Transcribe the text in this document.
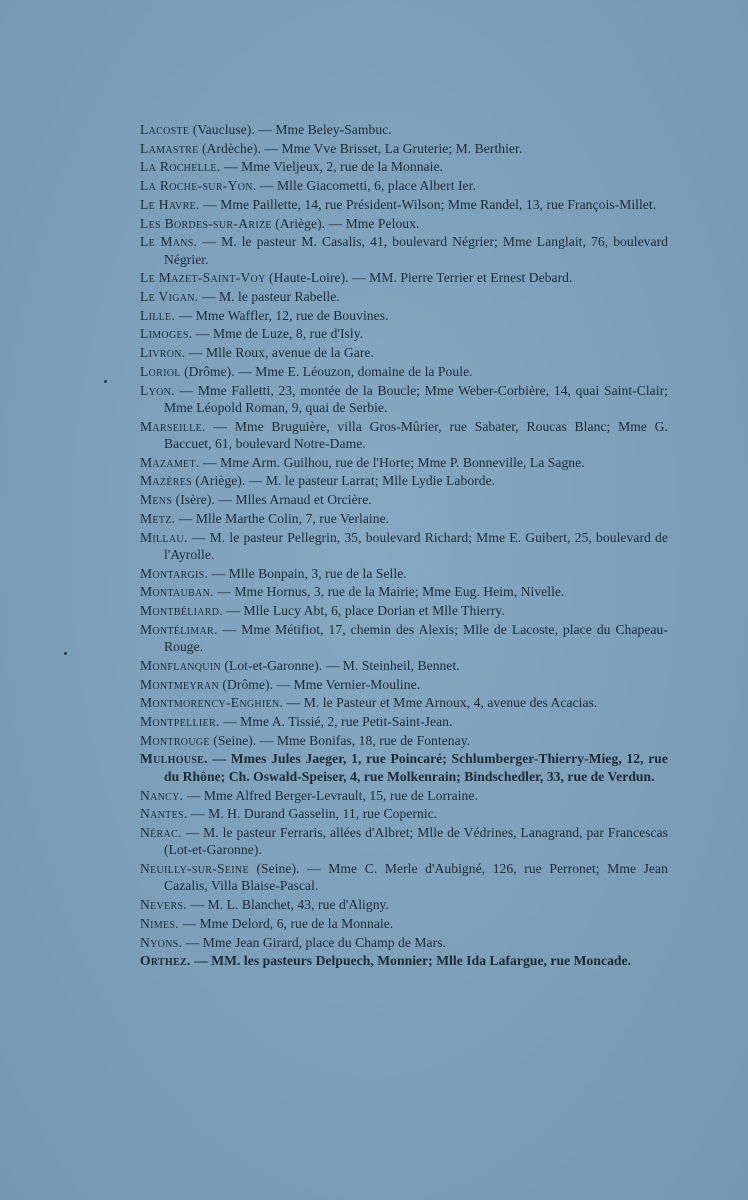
Lacoste (Vaucluse). — Mme Beley-Sambuc.

Lamastre (Ardèche). — Mme Vve Brisset, La Gruterie; M. Berthier.

La Rochelle. — Mme Vieljeux, 2, rue de la Monnaie.

La Roche-sur-Yon. — Mlle Giacometti, 6, place Albert Ier.

Le Havre. — Mme Paillette, 14, rue Président-Wilson; Mme Randel, 13, rue François-Millet.

Les Bordes-sur-Arize (Ariège). — Mme Peloux.

Le Mans. — M. le pasteur M. Casalis, 41, boulevard Négrier; Mme Langlait, 76, boulevard Négrier.

Le Mazet-Saint-Voy (Haute-Loire). — MM. Pierre Terrier et Ernest Debard.

Le Vigan. — M. le pasteur Rabelle.

Lille. — Mme Waffler, 12, rue de Bouvines.

Limoges. — Mme de Luze, 8, rue d'Isly.

Livron. — Mlle Roux, avenue de la Gare.

Loriol (Drôme). — Mme E. Léouzon, domaine de la Poule.

Lyon. — Mme Falletti, 23, montée de la Boucle; Mme Weber-Corbière, 14, quai Saint-Clair; Mme Léopold Roman, 9, quai de Serbie.

Marseille. — Mme Bruguière, villa Gros-Mûrier, rue Sabater, Roucas Blanc; Mme G. Baccuet, 61, boulevard Notre-Dame.

Mazamet. — Mme Arm. Guilhou, rue de l'Horte; Mme P. Bonneville, La Sagne.

Mazères (Ariège). — M. le pasteur Larrat; Mlle Lydie Laborde.

Mens (Isère). — Mlles Arnaud et Orcière.

Metz. — Mlle Marthe Colin, 7, rue Verlaine.

Millau. — M. le pasteur Pellegrin, 35, boulevard Richard; Mme E. Guibert, 25, boulevard de l'Ayrolle.

Montargis. — Mlle Bonpain, 3, rue de la Selle.

Montauban. — Mme Hornus, 3, rue de la Mairie; Mme Eug. Heim, Nivelle.

Montbéliard. — Mlle Lucy Abt, 6, place Dorian et Mlle Thierry.

Montélimar. — Mme Métifiot, 17, chemin des Alexis; Mlle de Lacoste, place du Chapeau-Rouge.

Monflanquin (Lot-et-Garonne). — M. Steinheil, Bennet.

Montmeyran (Drôme). — Mme Vernier-Mouline.

Montmorency-Enghien. — M. le Pasteur et Mme Arnoux, 4, avenue des Acacias.

Montpellier. — Mme A. Tissié, 2, rue Petit-Saint-Jean.

Montrouge (Seine). — Mme Bonifas, 18, rue de Fontenay.

Mulhouse. — Mmes Jules Jaeger, 1, rue Poincaré; Schlumberger-Thierry-Mieg, 12, rue du Rhône; Ch. Oswald-Speiser, 4, rue Molkenrain; Bindschedler, 33, rue de Verdun.

Nancy. — Mme Alfred Berger-Levrault, 15, rue de Lorraine.

Nantes. — M. H. Durand Gasselin, 11, rue Copernic.

Nérac. — M. le pasteur Ferraris, allées d'Albret; Mlle de Védrines, Lanagrand, par Francescas (Lot-et-Garonne).

Neuilly-sur-Seine (Seine). — Mme C. Merle d'Aubigné, 126, rue Perronet; Mme Jean Cazalis, Villa Blaise-Pascal.

Nevers. — M. L. Blanchet, 43, rue d'Aligny.

Nimes. — Mme Delord, 6, rue de la Monnaie.

Nyons. — Mme Jean Girard, place du Champ de Mars.

Orthez. — MM. les pasteurs Delpuech, Monnier; Mlle Ida Lafargue, rue Moncade.
